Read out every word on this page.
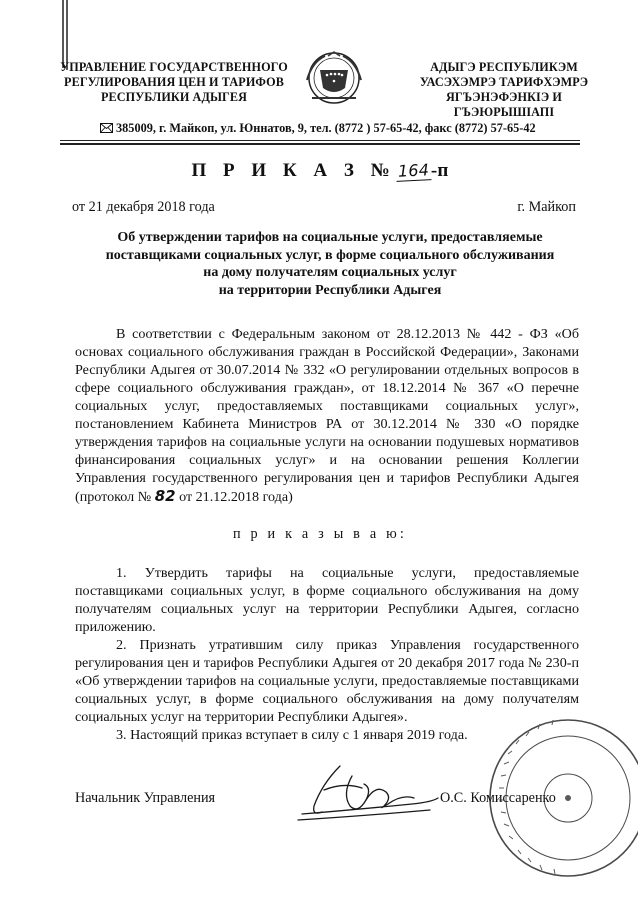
УПРАВЛЕНИЕ ГОСУДАРСТВЕННОГО
РЕГУЛИРОВАНИЯ ЦЕН И ТАРИФОВ
РЕСПУБЛИКИ АДЫГЕЯ
АДЫГЭ РЕСПУБЛИКЭМ
УАСЭХЭМРЭ ТАРИФХЭМРЭ
ЯГЪЭНЭФЭНКІЭ И ГЪЭЮРЫШІАПІ
385009, г. Майкоп, ул. Юннатов, 9, тел. (8772 ) 57-65-42, факс (8772) 57-65-42
П Р И К А З №164-п
от 21 декабря 2018 года	г. Майкоп
Об утверждении тарифов на социальные услуги, предоставляемые
поставщиками социальных услуг, в форме социального обслуживания
на дому получателям социальных услуг
на территории Республики Адыгея
В соответствии с Федеральным законом от 28.12.2013 № 442 - ФЗ «Об основах социального обслуживания граждан в Российской Федерации», Законами Республики Адыгея от 30.07.2014 № 332 «О регулировании отдельных вопросов в сфере социального обслуживания граждан», от 18.12.2014 № 367 «О перечне социальных услуг, предоставляемых поставщиками социальных услуг», постановлением Кабинета Министров РА от 30.12.2014 № 330 «О порядке утверждения тарифов на социальные услуги на основании подушевых нормативов финансирования социальных услуг» и на основании решения Коллегии Управления государственного регулирования цен и тарифов Республики Адыгея (протокол № 82 от 21.12.2018 года)
п р и к а з ы в а ю:

1. Утвердить тарифы на социальные услуги, предоставляемые поставщиками социальных услуг, в форме социального обслуживания на дому получателям социальных услуг на территории Республики Адыгея, согласно приложению.

2. Признать утратившим силу приказ Управления государственного регулирования цен и тарифов Республики Адыгея от 20 декабря 2017 года № 230-п «Об утверждении тарифов на социальные услуги, предоставляемые поставщиками социальных услуг, в форме социального обслуживания на дому получателям социальных услуг на территории Республики Адыгея».

3. Настоящий приказ вступает в силу с 1 января 2019 года.

Начальник Управления	О.С. Комиссаренко
